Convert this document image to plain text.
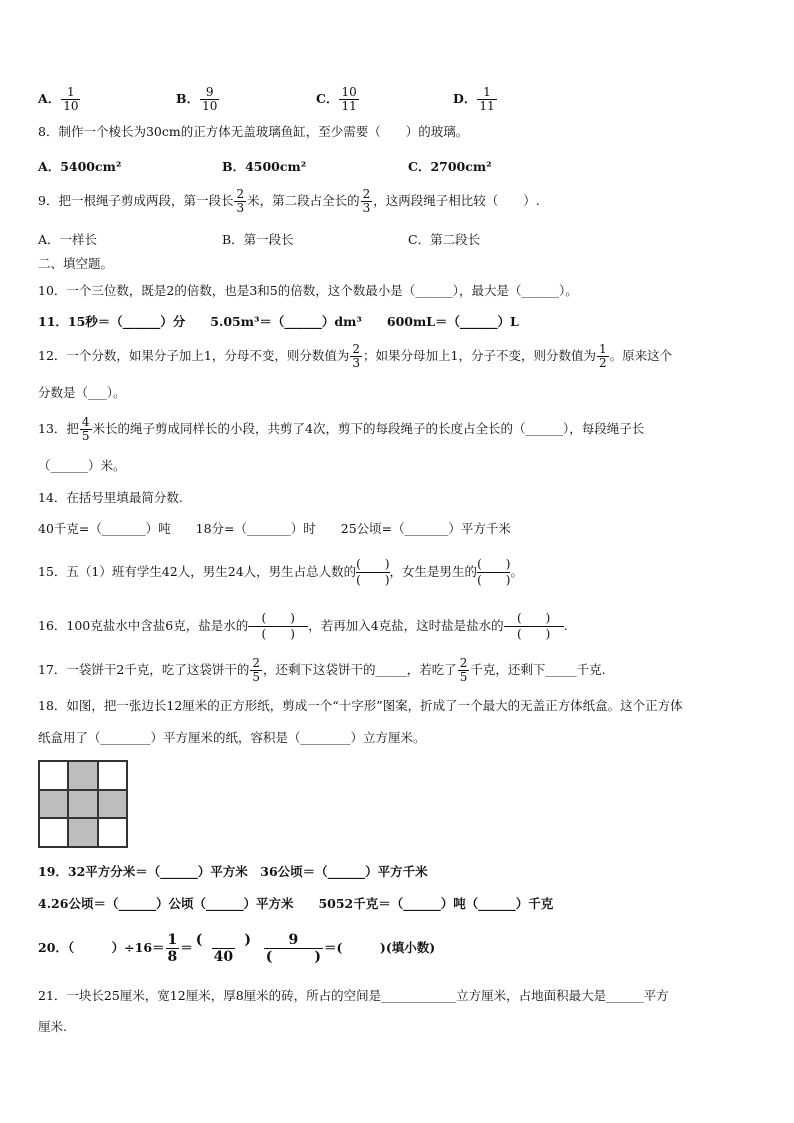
A． $\frac{1}{10}$	B． $\frac{9}{10}$	C． $\frac{10}{11}$	D． $\frac{1}{11}$
8．制作一个棱长为30cm的正方体无盖玻璃鱼缸，至少需要（　　）的玻璃。
A．5400cm²	B．4500cm²	C．2700cm²
9．把一根绳子剪成两段，第一段长 $\frac{2}{3}$ 米，第二段占全长的 $\frac{2}{3}$ ，这两段绳子相比较（　　）.
A．一样长	B．第一段长	C．第二段长
二、填空题。
10．一个三位数，既是2的倍数，也是3和5的倍数，这个数最小是（______），最大是（______）。
11．15秒＝（______）分　　5.05m³＝（______）dm³　　600mL＝（______）L
12．一个分数，如果分子加上1，分母不变，则分数值为 $\frac{2}{3}$ ；如果分母加上1，分子不变，则分数值为 $\frac{1}{2}$ 。原来这个
分数是（___）。
13．把 $\frac{4}{5}$ 米长的绳子剪成同样长的小段，共剪了4次，剪下的每段绳子的长度占全长的（______），每段绳子长
（______）米。
14．在括号里填最简分数.
40千克=（_______）吨　　18分=（_______）时　　25公顷=（_______）平方千米
15．五（1）班有学生42人，男生24人，男生占总人数的 (　　)
(　　)
，女生是男生的 (　　)
(　　)
。
16．100克盐水中含盐6克，盐是水的 (　　)
(　　)
，若再加入4克盐，这时盐是盐水的 (　　)
(　　)
.
17．一袋饼干2千克，吃了这袋饼干的 $\frac{2}{5}$ ，还剩下这袋饼干的_____，若吃了 $\frac{2}{5}$ 千克，还剩下_____千克.
18．如图，把一张边长12厘米的正方形纸，剪成一个“十字形”图案，折成了一个最大的无盖正方体纸盒。这个正方体
纸盒用了（________）平方厘米的纸，容积是（________）立方厘米。
19．32平方分米＝（______）平方米　36公顷＝（______）平方千米
4.26公顷＝（______）公顷（______）平方米　　5052千克＝（______）吨（______）千克
20．（　　　）$\div 16= \frac{1}{8} = \frac{( )}{40}$
$\frac{9}{( )}$ ＝(　　　)(填小数)
21．一块长25厘米，宽12厘米，厚8厘米的砖，所占的空间是____________立方厘米，占地面积最大是______平方
厘米.
